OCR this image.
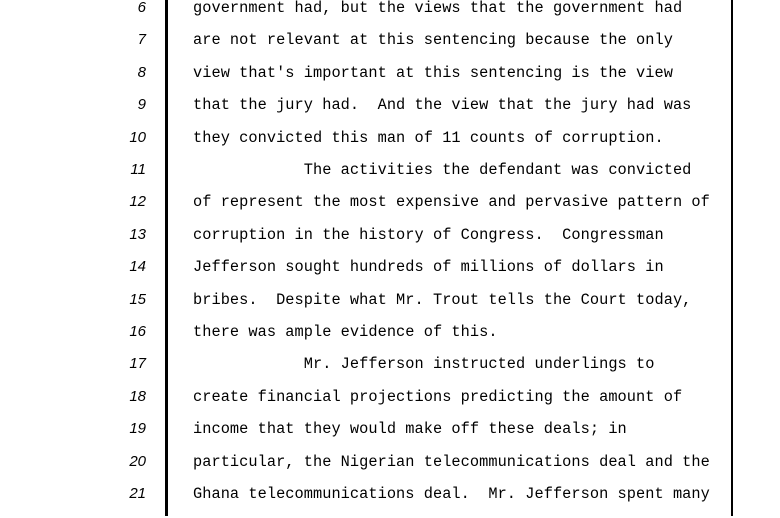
6	government had, but the views that the government had
7	are not relevant at this sentencing because the only
8	view that's important at this sentencing is the view
9	that the jury had.  And the view that the jury had was
10	they convicted this man of 11 counts of corruption.
11	The activities the defendant was convicted
12	of represent the most expensive and pervasive pattern of
13	corruption in the history of Congress.  Congressman
14	Jefferson sought hundreds of millions of dollars in
15	bribes.  Despite what Mr. Trout tells the Court today,
16	there was ample evidence of this.
17	Mr. Jefferson instructed underlings to
18	create financial projections predicting the amount of
19	income that they would make off these deals; in
20	particular, the Nigerian telecommunications deal and the
21	Ghana telecommunications deal.  Mr. Jefferson spent many
